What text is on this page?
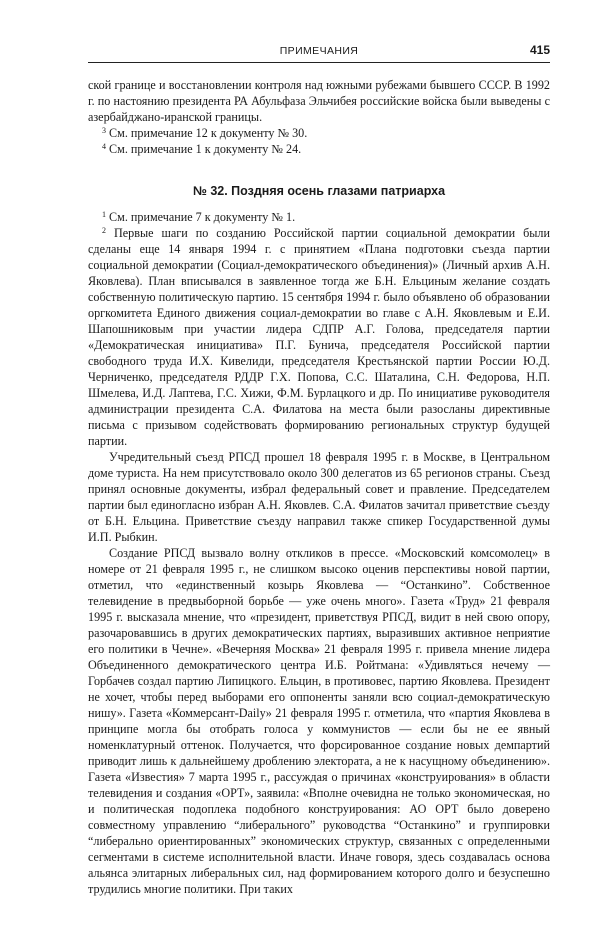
ПРИМЕЧАНИЯ	415

ской границе и восстановлении контроля над южными рубежами бывшего СССР. В 1992 г. по настоянию президента РА Абульфаза Эльчибея российские войска были выведены с азербайджано-иранской границы.

$^3$ См. примечание 12 к документу № 30.

$^4$ См. примечание 1 к документу № 24.

№ 32. Поздняя осень глазами патриарха

$^1$ См. примечание 7 к документу № 1.

$^2$ Первые шаги по созданию Российской партии социальной демократии были сделаны еще 14 января 1994 г. с принятием «Плана подготовки съезда партии социальной демократии (Социал-демократического объединения)» (Личный архив А.Н. Яковлева). План вписывался в заявленное тогда же Б.Н. Ельциным желание создать собственную политическую партию. 15 сентября 1994 г. было объявлено об образовании оргкомитета Единого движения социал-демократии во главе с А.Н. Яковлевым и Е.И. Шапошниковым при участии лидера СДПР А.Г. Голова, председателя партии «Демократическая инициатива» П.Г. Бунича, председателя Российской партии свободного труда И.Х. Кивелиди, председателя Крестьянской партии России Ю.Д. Черниченко, председателя РДДР Г.Х. Попова, С.С. Шаталина, С.Н. Федорова, Н.П. Шмелева, И.Д. Лаптева, Г.С. Хижи, Ф.М. Бурлацкого и др. По инициативе руководителя администрации президента С.А. Филатова на места были разосланы директивные письма с призывом содействовать формированию региональных структур будущей партии.

Учредительный съезд РПСД прошел 18 февраля 1995 г. в Москве, в Центральном доме туриста. На нем присутствовало около 300 делегатов из 65 регионов страны. Съезд принял основные документы, избрал федеральный совет и правление. Председателем партии был единогласно избран А.Н. Яковлев. С.А. Филатов зачитал приветствие съезду от Б.Н. Ельцина. Приветствие съезду направил также спикер Государственной думы И.П. Рыбкин.

Создание РПСД вызвало волну откликов в прессе. «Московский комсомолец» в номере от 21 февраля 1995 г., не слишком высоко оценив перспективы новой партии, отметил, что «единственный козырь Яковлева — “Останкино”. Собственное телевидение в предвыборной борьбе — уже очень много». Газета «Труд» 21 февраля 1995 г. высказала мнение, что «президент, приветствуя РПСД, видит в ней свою опору, разочаровавшись в других демократических партиях, выразивших активное неприятие его политики в Чечне». «Вечерняя Москва» 21 февраля 1995 г. привела мнение лидера Объединенного демократического центра И.Б. Ройтмана: «Удивляться нечему — Горбачев создал партию Липицкого. Ельцин, в противовес, партию Яковлева. Президент не хочет, чтобы перед выборами его оппоненты заняли всю социал-демократическую нишу». Газета «Коммерсант-Daily» 21 февраля 1995 г. отметила, что «партия Яковлева в принципе могла бы отобрать голоса у коммунистов — если бы не ее явный номенклатурный оттенок. Получается, что форсированное создание новых демпартий приводит лишь к дальнейшему дроблению электората, а не к насущному объединению». Газета «Известия» 7 марта 1995 г., рассуждая о причинах «конструирования» в области телевидения и создания «ОРТ», заявила: «Вполне очевидна не только экономическая, но и политическая подоплека подобного конструирования: АО ОРТ было доверено совместному управлению “либерального” руководства “Останкино” и группировки “либерально ориентированных” экономических структур, связанных с определенными сегментами в системе исполнительной власти. Иначе говоря, здесь создавалась основа альянса элитарных либеральных сил, над формированием которого долго и безуспешно трудились многие политики. При таких
